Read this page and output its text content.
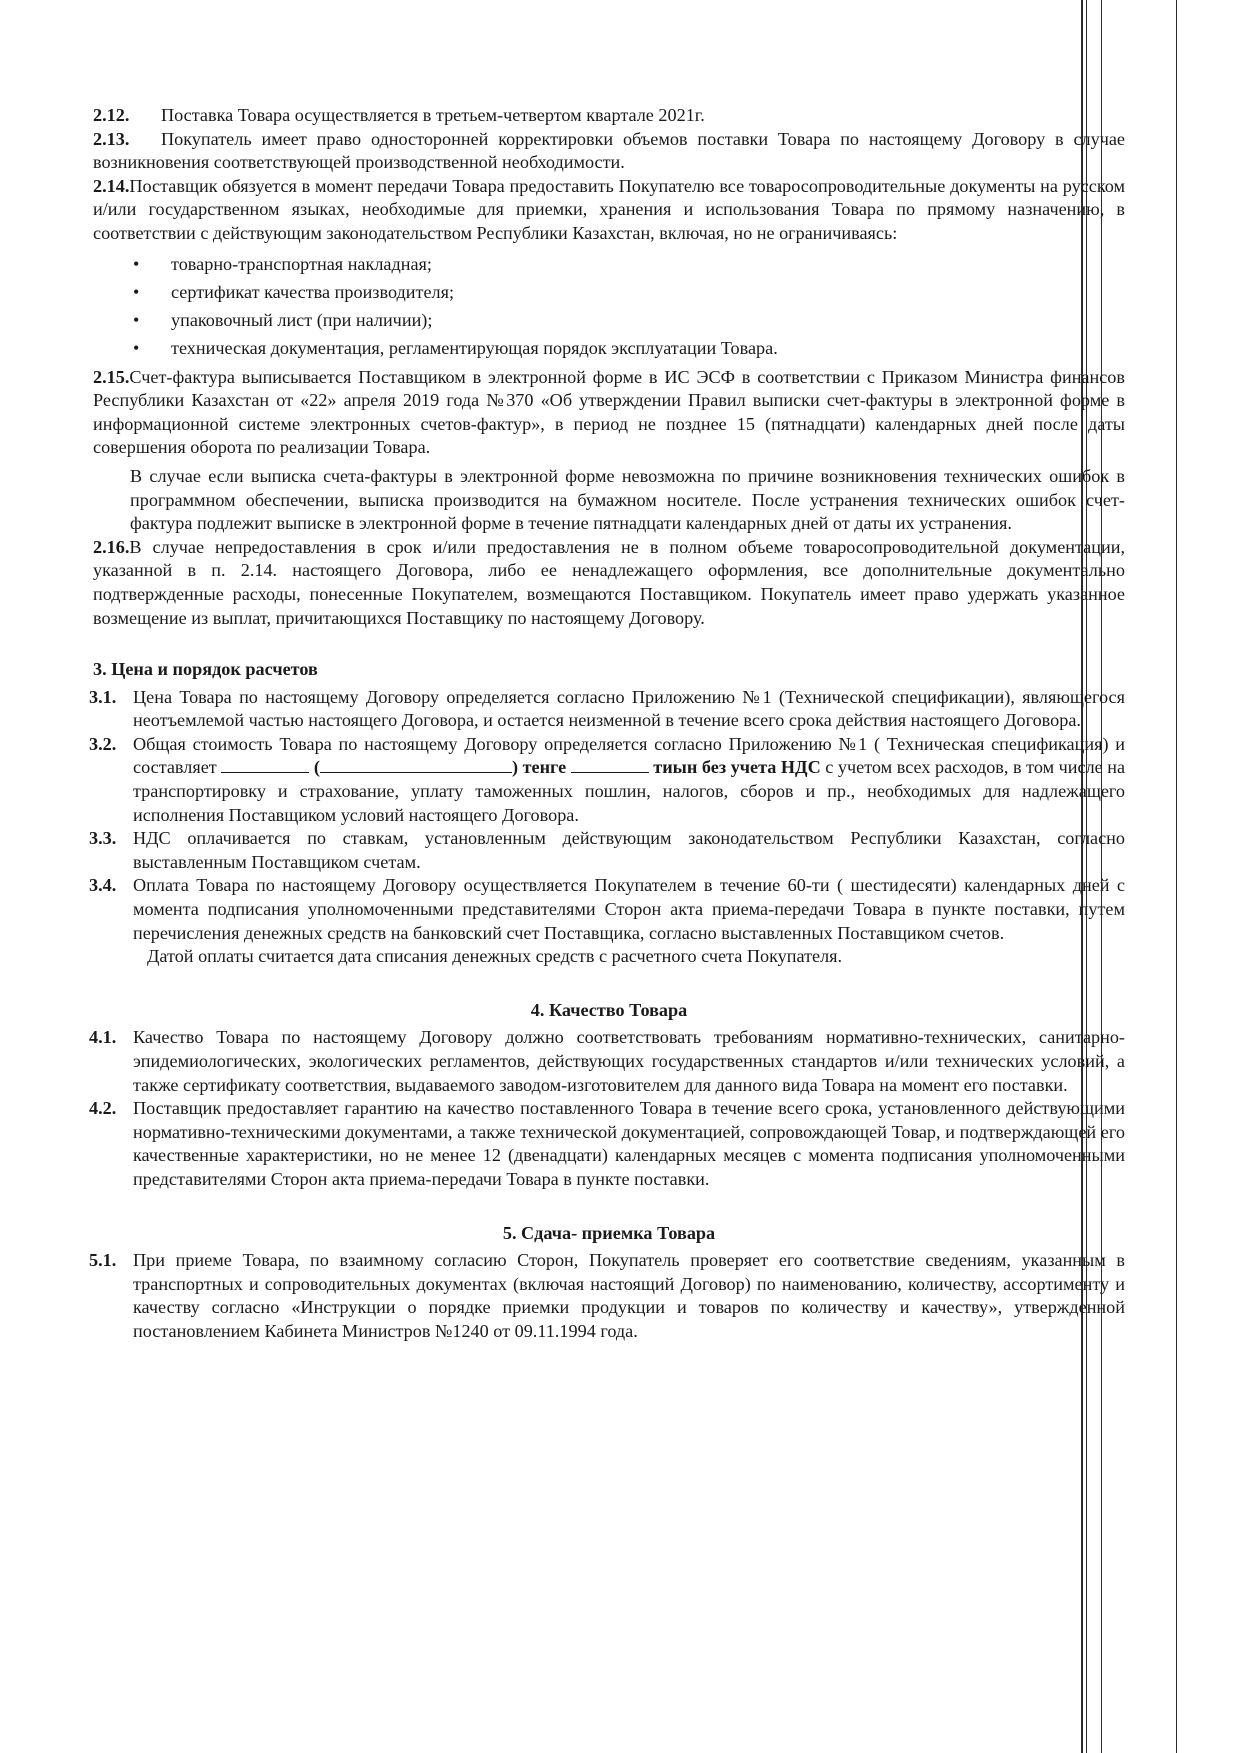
2.12. Поставка Товара осуществляется в третьем-четвертом квартале 2021г.

2.13. Покупатель имеет право односторонней корректировки объемов поставки Товара по настоящему Договору в случае возникновения соответствующей производственной необходимости.

2.14.Поставщик обязуется в момент передачи Товара предоставить Покупателю все товаросопроводительные документы на русском и/или государственном языках, необходимые для приемки, хранения и использования Товара по прямому назначению, в соответствии с действующим законодательством Республики Казахстан, включая, но не ограничиваясь:

• товарно-транспортная накладная;
• сертификат качества производителя;
• упаковочный лист (при наличии);
• техническая документация, регламентирующая порядок эксплуатации Товара.

2.15.Счет-фактура выписывается Поставщиком в электронной форме в ИС ЭСФ в соответствии с Приказом Министра финансов Республики Казахстан от «22» апреля 2019 года №370 «Об утверждении Правил выписки счет-фактуры в электронной форме в информационной системе электронных счетов-фактур», в период не позднее 15 (пятнадцати) календарных дней после даты совершения оборота по реализации Товара.

В случае если выписка счета-фактуры в электронной форме невозможна по причине возникновения технических ошибок в программном обеспечении, выписка производится на бумажном носителе. После устранения технических ошибок счет-фактура подлежит выписке в электронной форме в течение пятнадцати календарных дней от даты их устранения.

2.16.В случае непредоставления в срок и/или предоставления не в полном объеме товаросопроводительной документации, указанной в п. 2.14. настоящего Договора, либо ее ненадлежащего оформления, все дополнительные документально подтвержденные расходы, понесенные Покупателем, возмещаются Поставщиком. Покупатель имеет право удержать указанное возмещение из выплат, причитающихся Поставщику по настоящему Договору.

3. Цена и порядок расчетов
3.1. Цена Товара по настоящему Договору определяется согласно Приложению №1 (Технической спецификации), являющегося неотъемлемой частью настоящего Договора, и остается неизменной в течение всего срока действия настоящего Договора.
3.2. Общая стоимость Товара по настоящему Договору определяется согласно Приложению №1 ( Техническая спецификация) и составляет	(	) тенге	тиын без учета НДС с учетом всех расходов, в том числе на транспортировку и страхование, уплату таможенных пошлин, налогов, сборов и пр., необходимых для надлежащего исполнения Поставщиком условий настоящего Договора.
3.3. НДС оплачивается по ставкам, установленным действующим законодательством Республики Казахстан, согласно выставленным Поставщиком счетам.
3.4. Оплата Товара по настоящему Договору осуществляется Покупателем в течение 60-ти ( шестидесяти) календарных дней с момента подписания уполномоченными представителями Сторон акта приема-передачи Товара в пункте поставки, путем перечисления денежных средств на банковский счет Поставщика, согласно выставленных Поставщиком счетов.

Датой оплаты считается дата списания денежных средств с расчетного счета Покупателя.

4. Качество Товара
4.1. Качество Товара по настоящему Договору должно соответствовать требованиям нормативно-технических, санитарно-эпидемиологических, экологических регламентов, действующих государственных стандартов и/или технических условий, а также сертификату соответствия, выдаваемого заводом-изготовителем для данного вида Товара на момент его поставки.
4.2. Поставщик предоставляет гарантию на качество поставленного Товара в течение всего срока, установленного действующими нормативно-техническими документами, а также технической документацией, сопровождающей Товар, и подтверждающей его качественные характеристики, но не менее 12 (двенадцати) календарных месяцев с момента подписания уполномоченными представителями Сторон акта приема-передачи Товара в пункте поставки.
5. Сдача- приемка Товара
5.1. При приеме Товара, по взаимному согласию Сторон, Покупатель проверяет его соответствие сведениям, указанным в транспортных и сопроводительных документах (включая настоящий Договор) по наименованию, количеству, ассортименту и качеству согласно «Инструкции о порядке приемки продукции и товаров по количеству и качеству», утвержденной постановлением Кабинета Министров №1240 от 09.11.1994 года.
